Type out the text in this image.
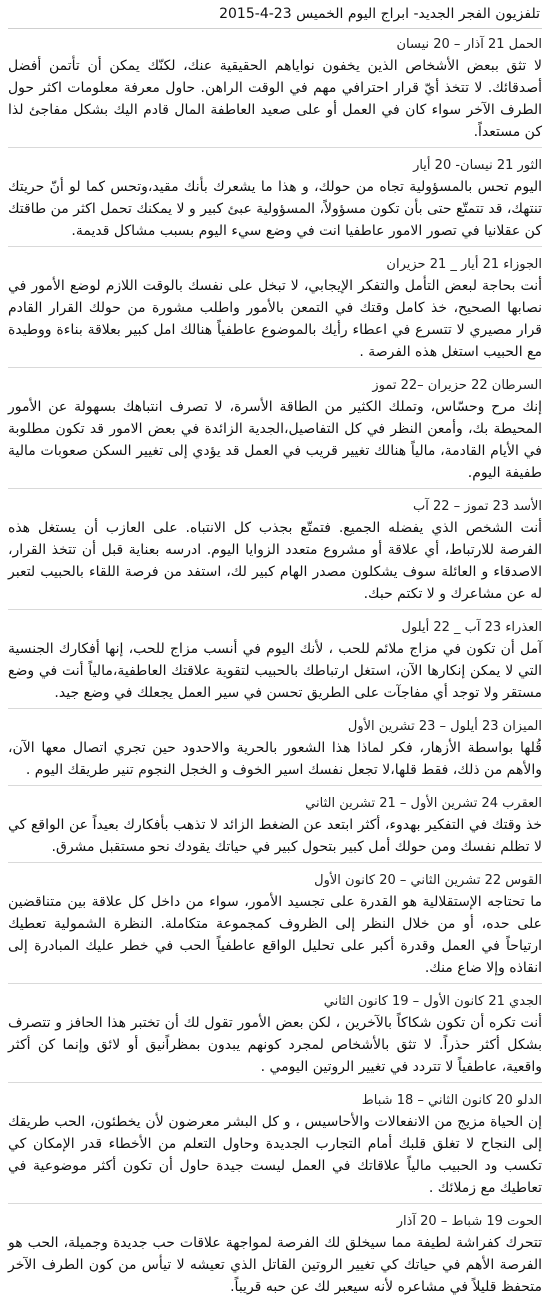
تلفزيون الفجر الجديد- ابراج اليوم الخميس 23-4-2015

الحمل 21 آذار – 20 نيسان

لا تثق ببعض الأشخاص الذين يخفون نواياهم الحقيقية عنك، لكنّك يمكن أن تأتمن أفضل أصدقائك. لا تتخذ أيّ قرار احترافي مهم في الوقت الراهن. حاول معرفة معلومات اكثر حول الطرف الآخر سواء كان في العمل أو على صعيد العاطفة المال قادم اليك بشكل مفاجئ لذا كن مستعداً.

الثور 21 نيسان- 20 أيار

اليوم تحس بالمسؤولية تجاه من حولك، و هذا ما يشعرك بأنك مقيد،وتحس كما لو أنّ حريتك تنتهك، قد تتمتّع حتى بأن تكون مسؤولاً، المسؤولية عبئ كبير و لا يمكنك تحمل اكثر من طاقتك كن عقلانيا في تصور الامور عاطفيا انت في وضع سيء اليوم بسبب مشاكل قديمة.

الجوزاء 21 أيار _ 21 حزيران

أنت بحاجة لبعض التأمل والتفكر الإيجابي، لا تبخل على نفسك بالوقت اللازم لوضع الأمور في نصابها الصحيح، خذ كامل وقتك في التمعن بالأمور واطلب مشورة من حولك القرار القادم قرار مصيري لا تتسرع في اعطاء رأيك بالموضوع عاطفياً هنالك امل كبير بعلاقة بناءة ووطيدة مع الحبيب استغل هذه الفرصة .

السرطان 22 حزيران –22 تموز

إنك مرح وحسّاس، وتملك الكثير من الطاقة الأسرة، لا تصرف انتباهك بسهولة عن الأمور المحيطة بك، وأمعن النظر في كل التفاصيل،الجدية الزائدة في بعض الامور قد تكون مطلوبة في الأيام القادمة، مالياً هنالك تغيير قريب في العمل قد يؤدي إلى تغيير السكن صعوبات مالية طفيفة اليوم.

الأسد 23 تموز – 22 آب

أنت الشخص الذي يفضله الجميع. فتمتّع بجذب كل الانتباه. على العازب أن يستغل هذه الفرصة للارتباط، أي علاقة أو مشروع متعدد الزوايا اليوم. ادرسه بعناية قبل أن تتخذ القرار، الاصدقاء و العائلة سوف يشكلون مصدر الهام كبير لك، استفد من فرصة اللقاء بالحبيب لتعبر له عن مشاعرك و لا تكتم حبك.

العذراء 23 آب _ 22 أيلول

آمل أن تكون في مزاج ملائم للحب ، لأنك اليوم في أنسب مزاج للحب، إنها أفكارك الجنسية التي لا يمكن إنكارها الآن، استغل ارتباطك بالحبيب لتقوية علاقتك العاطفية،مالياً أنت في وضع مستقر ولا توجد أي مفاجآت على الطريق تحسن في سير العمل يجعلك في وضع جيد.

الميزان 23 أيلول – 23 تشرين الأول

قُلها بواسطة الأزهار، فكر لماذا هذا الشعور بالحرية والاحدود حين تجري اتصال معها الآن، والأهم من ذلك، فقط قلها،لا تجعل نفسك اسير الخوف و الخجل النجوم تنير طريقك اليوم .

العقرب 24 تشرين الأول – 21 تشرين الثاني

خذ وقتك في التفكير بهدوء، أكثر ابتعد عن الضغط الزائد لا تذهب بأفكارك بعيداً عن الواقع كي لا تظلم نفسك ومن حولك أمل كبير بتحول كبير في حياتك يقودك نحو مستقبل مشرق.

القوس 22 تشرين الثاني – 20 كانون الأول

ما تحتاجه الإستقلالية هو القدرة على تجسيد الأمور، سواء من داخل كل علاقة بين متناقضين على حده، أو من خلال النظر إلى الظروف كمجموعة متكاملة. النظرة الشمولية تعطيك ارتياحاً في العمل وقدرة أكبر على تحليل الواقع عاطفياً الحب في خطر عليك المبادرة إلى انقاذه وإلا ضاع منك.

الجدي 21 كانون الأول – 19 كانون الثاني

أنت تكره أن تكون شكاكاً بالآخرين ، لكن بعض الأمور تقول لك أن تختبر هذا الحافز و تتصرف بشكل أكثر حذراً. لا تثق بالأشخاص لمجرد كونهم يبدون بمظراًنيق أو لائق وإنما كن أكثر واقعية، عاطفياً لا تتردد في تغيير الروتين اليومي .

الدلو 20 كانون الثاني – 18 شباط

إن الحياة مزيج من الانفعالات والأحاسيس ، و كل البشر معرضون لأن يخطئون، الحب طريقك إلى النجاح لا تغلق قلبك أمام التجارب الجديدة وحاول التعلم من الأخطاء قدر الإمكان كي تكسب ود الحبيب مالياً علاقاتك في العمل ليست جيدة حاول أن تكون أكثر موضوعية في تعاطيك مع زملائك .

الحوت 19 شباط – 20 آذار

تتحرك كفراشة لطيفة مما سيخلق لك الفرصة لمواجهة علاقات حب جديدة وجميلة، الحب هو الفرصة الأهم في حياتك كي تغيير الروتين القاتل الذي تعيشه لا تيأس من كون الطرف الآخر متحفظ قليلاً في مشاعره لأنه سيعبر لك عن حبه قريباً.
